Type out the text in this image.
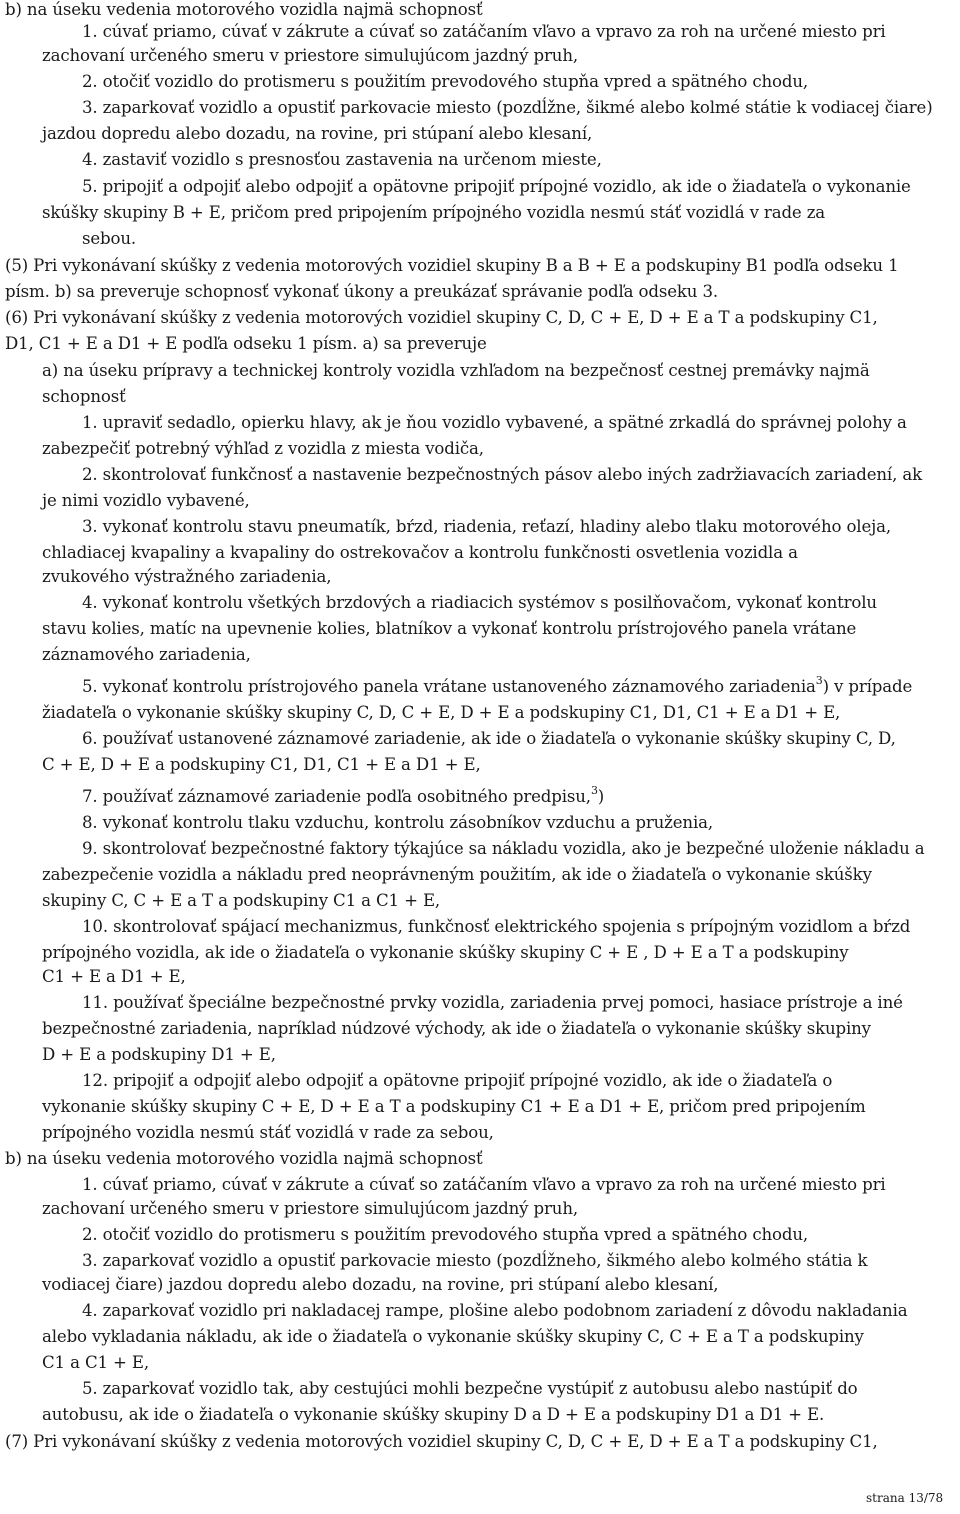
b) na úseku vedenia motorového vozidla najmä schopnosť
1. cúvať priamo, cúvať v zákrute a cúvať so zatáčaním vľavo a vpravo za roh na určené miesto pri
zachovaní určeného smeru v priestore simulujúcom jazdný pruh,
2. otočiť vozidlo do protismeru s použitím prevodového stupňa vpred a spätného chodu,
3. zaparkovať vozidlo a opustiť parkovacie miesto (pozdĺžne, šikmé alebo kolmé státie k vodiacej čiare)
jazdou dopredu alebo dozadu, na rovine, pri stúpaní alebo klesaní,
4. zastaviť vozidlo s presnosťou zastavenia na určenom mieste,
5. pripojiť a odpojiť alebo odpojiť a opätovne pripojiť prípojné vozidlo, ak ide o žiadateľa o vykonanie
skúšky skupiny B + E, pričom pred pripojením prípojného vozidla nesmú stáť vozidlá v rade za
sebou.
(5) Pri vykonávaní skúšky z vedenia motorových vozidiel skupiny B a B + E a podskupiny B1 podľa odseku 1
písm. b) sa preveruje schopnosť vykonať úkony a preukázať správanie podľa odseku 3.
(6) Pri vykonávaní skúšky z vedenia motorových vozidiel skupiny C, D, C + E, D + E a T a podskupiny C1,
D1, C1 + E a D1 + E podľa odseku 1 písm. a) sa preveruje
a) na úseku prípravy a technickej kontroly vozidla vzhľadom na bezpečnosť cestnej premávky najmä
schopnosť
1. upraviť sedadlo, opierku hlavy, ak je ňou vozidlo vybavené, a spätné zrkadlá do správnej polohy a
zabezpečiť potrebný výhľad z vozidla z miesta vodiča,
2. skontrolovať funkčnosť a nastavenie bezpečnostných pásov alebo iných zadržiavacích zariadení, ak
je nimi vozidlo vybavené,
3. vykonať kontrolu stavu pneumatík, bŕzd, riadenia, reťazí, hladiny alebo tlaku motorového oleja,
chladiacej kvapaliny a kvapaliny do ostrekovačov a kontrolu funkčnosti osvetlenia vozidla a
zvukového výstražného zariadenia,
4. vykonať kontrolu všetkých brzdových a riadiacich systémov s posilňovačom, vykonať kontrolu
stavu kolies, matíc na upevnenie kolies, blatníkov a vykonať kontrolu prístrojového panela vrátane
záznamového zariadenia,
5. vykonať kontrolu prístrojového panela vrátane ustanoveného záznamového zariadenia$^3$) v prípade
žiadateľa o vykonanie skúšky skupiny C, D, C + E, D + E a podskupiny C1, D1, C1 + E a D1 + E,
6. používať ustanovené záznamové zariadenie, ak ide o žiadateľa o vykonanie skúšky skupiny C, D,
C + E, D + E a podskupiny C1, D1, C1 + E a D1 + E,
7. používať záznamové zariadenie podľa osobitného predpisu,$^3$)
8. vykonať kontrolu tlaku vzduchu, kontrolu zásobníkov vzduchu a pruženia,
9. skontrolovať bezpečnostné faktory týkajúce sa nákladu vozidla, ako je bezpečné uloženie nákladu a
zabezpečenie vozidla a nákladu pred neoprávneným použitím, ak ide o žiadateľa o vykonanie skúšky
skupiny C, C + E a T a podskupiny C1 a C1 + E,
10. skontrolovať spájací mechanizmus, funkčnosť elektrického spojenia s prípojným vozidlom a bŕzd
prípojného vozidla, ak ide o žiadateľa o vykonanie skúšky skupiny C + E , D + E a T a podskupiny
C1 + E a D1 + E,
11. používať špeciálne bezpečnostné prvky vozidla, zariadenia prvej pomoci, hasiace prístroje a iné
bezpečnostné zariadenia, napríklad núdzové východy, ak ide o žiadateľa o vykonanie skúšky skupiny
D + E a podskupiny D1 + E,
12. pripojiť a odpojiť alebo odpojiť a opätovne pripojiť prípojné vozidlo, ak ide o žiadateľa o
vykonanie skúšky skupiny C + E, D + E a T a podskupiny C1 + E a D1 + E, pričom pred pripojením
prípojného vozidla nesmú stáť vozidlá v rade za sebou,
b) na úseku vedenia motorového vozidla najmä schopnosť
1. cúvať priamo, cúvať v zákrute a cúvať so zatáčaním vľavo a vpravo za roh na určené miesto pri
zachovaní určeného smeru v priestore simulujúcom jazdný pruh,
2. otočiť vozidlo do protismeru s použitím prevodového stupňa vpred a spätného chodu,
3. zaparkovať vozidlo a opustiť parkovacie miesto (pozdĺžneho, šikmého alebo kolmého státia k
vodiacej čiare) jazdou dopredu alebo dozadu, na rovine, pri stúpaní alebo klesaní,
4. zaparkovať vozidlo pri nakladacej rampe, plošine alebo podobnom zariadení z dôvodu nakladania
alebo vykladania nákladu, ak ide o žiadateľa o vykonanie skúšky skupiny C, C + E a T a podskupiny
C1 a C1 + E,
5. zaparkovať vozidlo tak, aby cestujúci mohli bezpečne vystúpiť z autobusu alebo nastúpiť do
autobusu, ak ide o žiadateľa o vykonanie skúšky skupiny D a D + E a podskupiny D1 a D1 + E.
(7) Pri vykonávaní skúšky z vedenia motorových vozidiel skupiny C, D, C + E, D + E a T a podskupiny C1,
strana 13/78
